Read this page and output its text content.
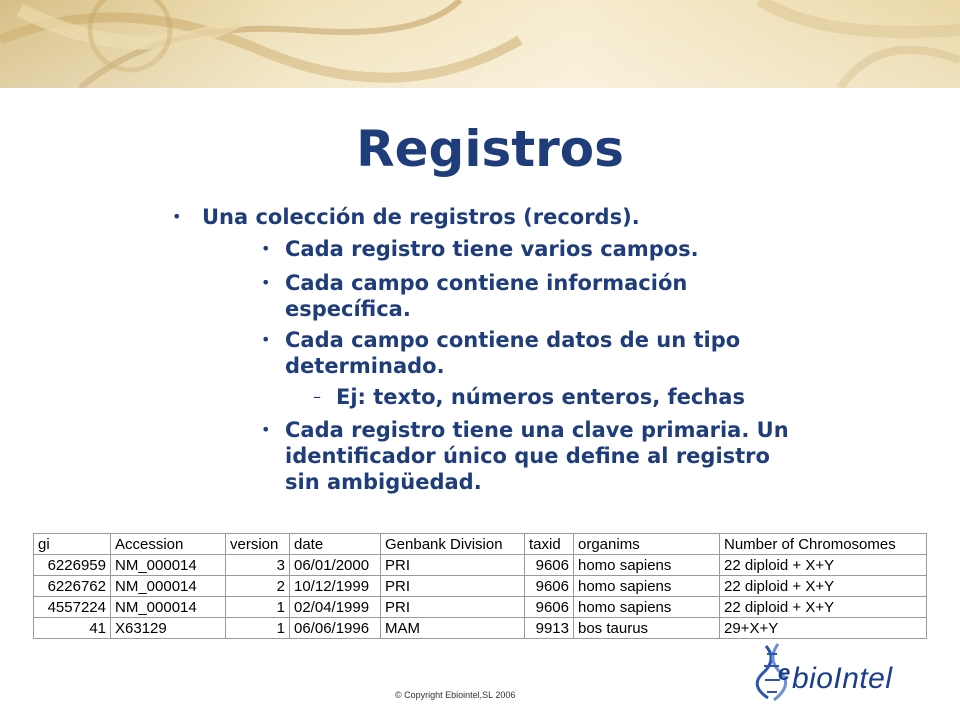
Registros
• Una colección de registros (records).
• Cada registro tiene varios campos.
• Cada campo contiene información
específica.
• Cada campo contiene datos de un tipo
determinado.
– Ej: texto, números enteros, fechas
• Cada registro tiene una clave primaria. Un
identificador único que define al registro
sin ambigüedad.
gi	Accession	version	date	Genbank Division	taxid	organims	Number of Chromosomes
6226959	NM_000014	3	06/01/2000	PRI	9606	homo sapiens	22 diploid + X+Y
6226762	NM_000014	2	10/12/1999	PRI	9606	homo sapiens	22 diploid + X+Y
4557224	NM_000014	1	02/04/1999	PRI	9606	homo sapiens	22 diploid + X+Y
41	X63129	1	06/06/1996	MAM	9913	bos taurus	29+X+Y
© Copyright Ebiointel,SL 2006
e bioIntel
